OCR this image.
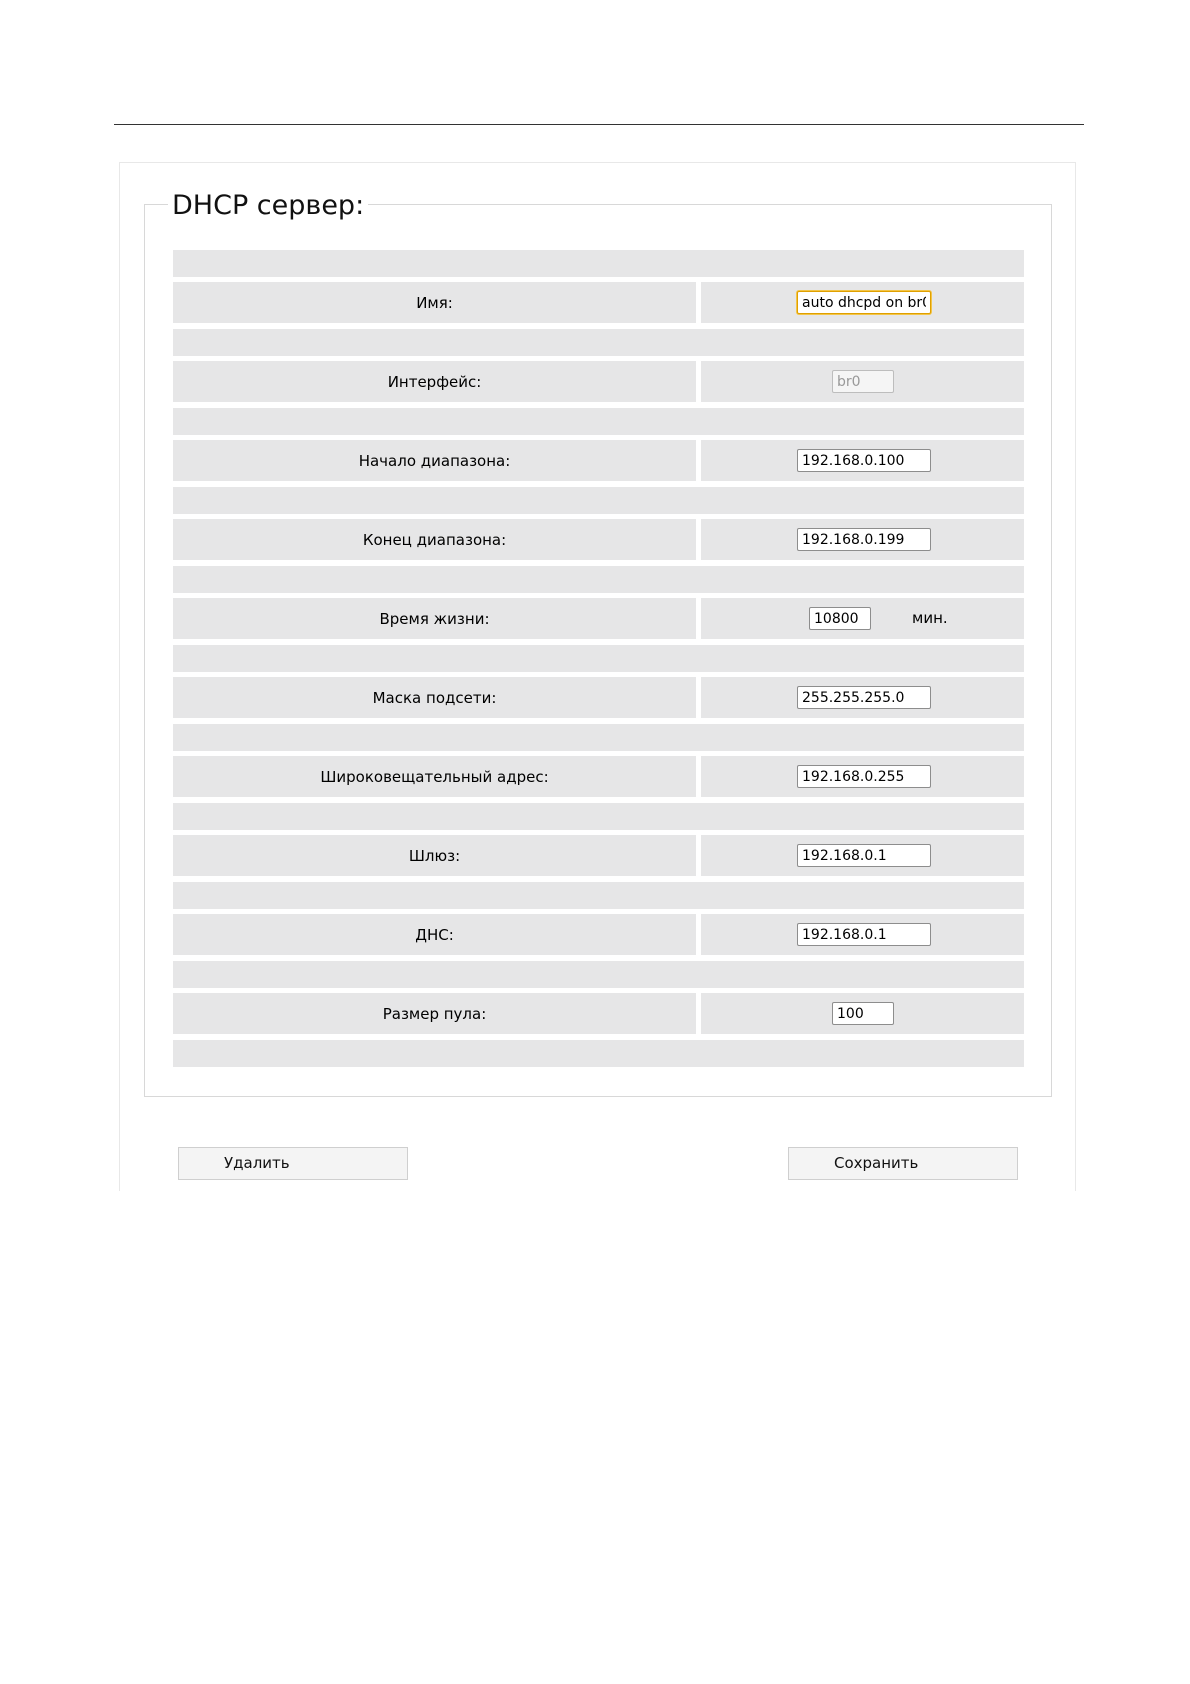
DHCP сервер:
Имя:
auto dhcpd on br0
Интерфейс:
br0
Начало диапазона:
192.168.0.100
Конец диапазона:
192.168.0.199
Время жизни:
10800	мин.
Маска подсети:
255.255.255.0
Широковещательный адрес:
192.168.0.255
Шлюз:
192.168.0.1
ДНС:
192.168.0.1
Размер пула:
100
Удалить	Сохранить
